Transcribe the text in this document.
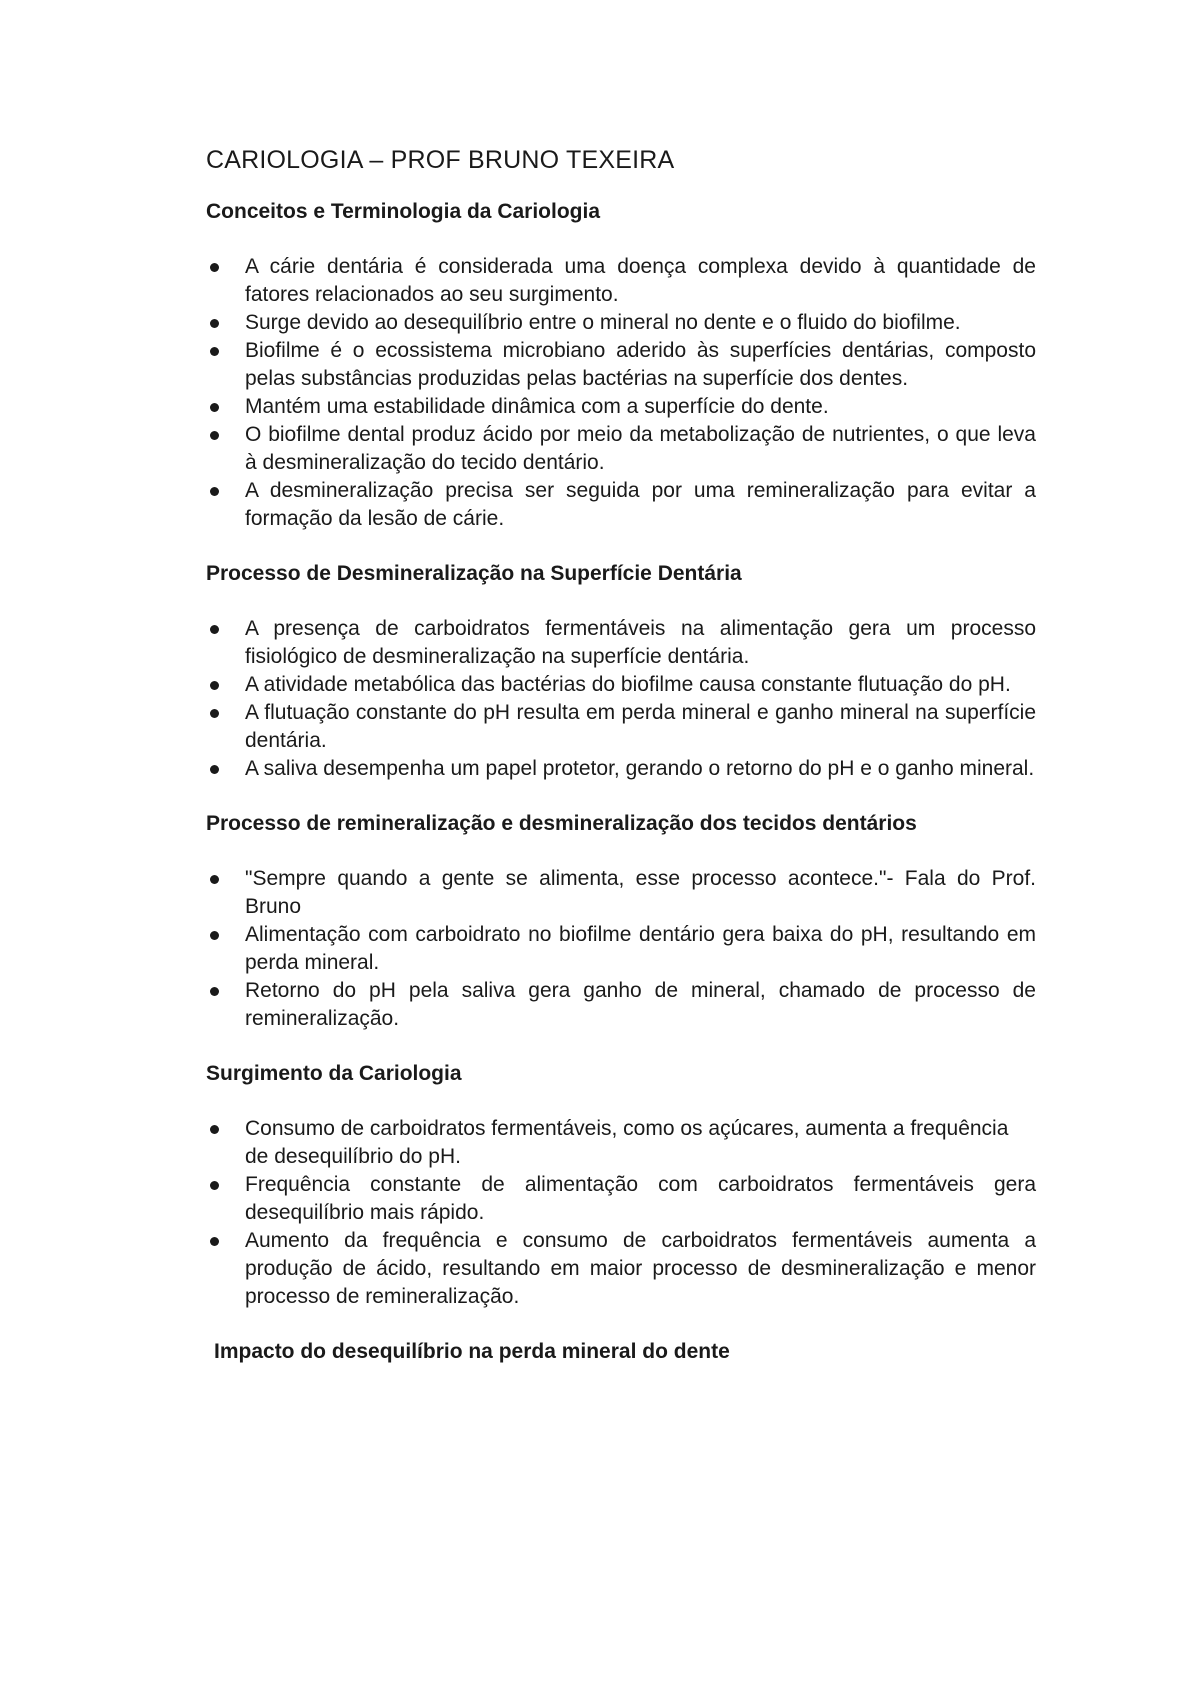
CARIOLOGIA – PROF BRUNO TEXEIRA
Conceitos e Terminologia da Cariologia
A cárie dentária é considerada uma doença complexa devido à quantidade de fatores relacionados ao seu surgimento.
Surge devido ao desequilíbrio entre o mineral no dente e o fluido do biofilme.
Biofilme é o ecossistema microbiano aderido às superfícies dentárias, composto pelas substâncias produzidas pelas bactérias na superfície dos dentes.
Mantém uma estabilidade dinâmica com a superfície do dente.
O biofilme dental produz ácido por meio da metabolização de nutrientes, o que leva à desmineralização do tecido dentário.
A desmineralização precisa ser seguida por uma remineralização para evitar a formação da lesão de cárie.
Processo de Desmineralização na Superfície Dentária
A presença de carboidratos fermentáveis na alimentação gera um processo fisiológico de desmineralização na superfície dentária.
A atividade metabólica das bactérias do biofilme causa constante flutuação do pH.
A flutuação constante do pH resulta em perda mineral e ganho mineral na superfície dentária.
A saliva desempenha um papel protetor, gerando o retorno do pH e o ganho mineral.
Processo de remineralização e desmineralização dos tecidos dentários
"Sempre quando a gente se alimenta, esse processo acontece."- Fala do Prof. Bruno
Alimentação com carboidrato no biofilme dentário gera baixa do pH, resultando em perda mineral.
Retorno do pH pela saliva gera ganho de mineral, chamado de processo de remineralização.
Surgimento da Cariologia
Consumo de carboidratos fermentáveis, como os açúcares, aumenta a frequência
de desequilíbrio do pH.
Frequência constante de alimentação com carboidratos fermentáveis gera desequilíbrio mais rápido.
Aumento da frequência e consumo de carboidratos fermentáveis aumenta a produção de ácido, resultando em maior processo de desmineralização e menor processo de remineralização.
Impacto do desequilíbrio na perda mineral do dente
